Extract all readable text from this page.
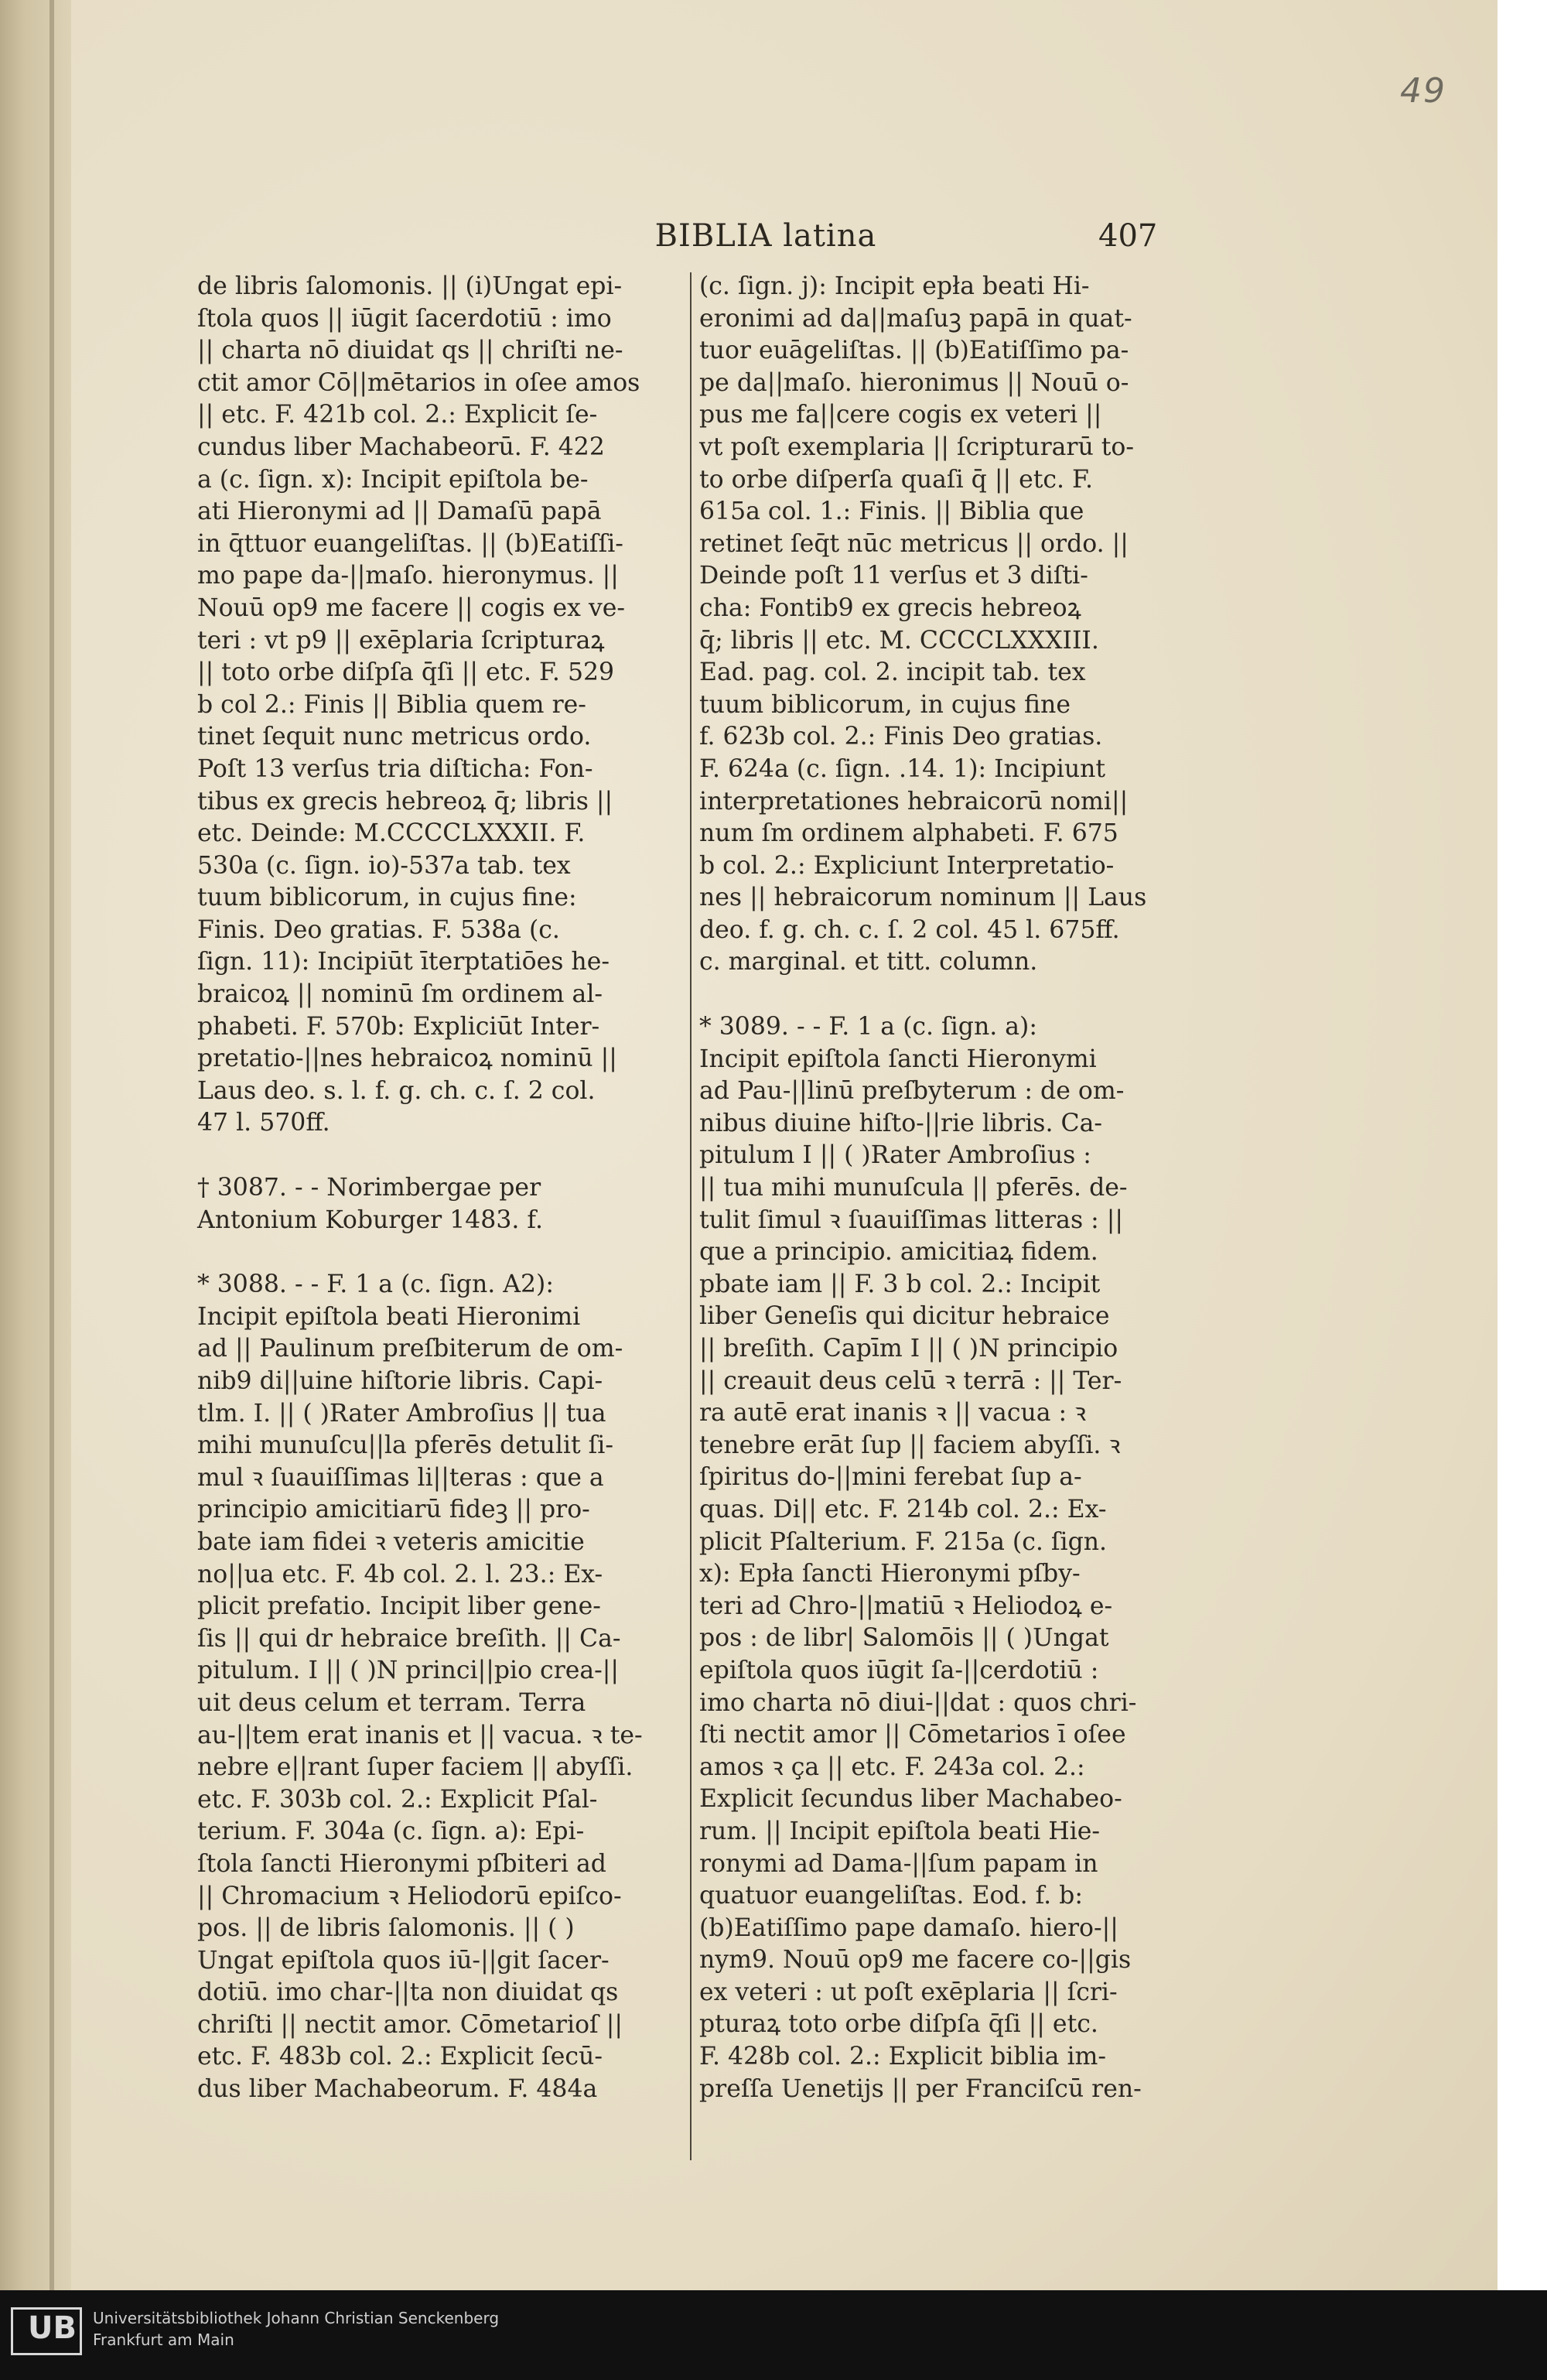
49
BIBLIA latina	407

de libris ſalomonis. || (i)Ungat epi-

ſtola quos || iūgit ſacerdotiū : imo

|| charta nō diuidat qs || chriſti ne-

ctit amor Cō||mētarios in oſee amos

|| etc. F. 421b col. 2.: Explicit ſe-

cundus liber Machabeorū. F. 422

a (c. ſign. x): Incipit epiſtola be-

ati Hieronymi ad || Damaſū papā

in q̄ttuor euangeliſtas. || (b)Eatiſſi-

mo pape da-||maſo. hieronymus. ||

Nouū op9 me facere || cogis ex ve-

teri : vt p9 || exēplaria ſcripturaꝝ

|| toto orbe diſpſa q̄ſi || etc. F. 529

b col 2.: Finis || Biblia quem re-

tinet ſequit nunc metricus ordo.

Poſt 13 verſus tria diſticha: Fon-

tibus ex grecis hebreoꝝ q̄; libris ||

etc. Deinde: M.CCCCLXXXII. F.

530a (c. ſign. io)-537a tab. tex

tuum biblicorum, in cujus fine:

Finis. Deo gratias. F. 538a (c.

ſign. 11): Incipiūt īterptatiōes he-

braicoꝝ || nominū ſm ordinem al-

phabeti. F. 570b: Expliciūt Inter-

pretatio-||nes hebraicoꝝ nominū ||

Laus deo. s. l. f. g. ch. c. ſ. 2 col.

47 l. 570ff.

† 3087. - - Norimbergae per

Antonium Koburger 1483. f.

* 3088. - - F. 1 a (c. ſign. A2):

Incipit epiſtola beati Hieronimi

ad || Paulinum preſbiterum de om-

nib9 di||uine hiſtorie libris. Capi-

tlm. I. || ( )Rater Ambroſius || tua

mihi munuſcu||la pferēs detulit ſi-

mul ꝛ ſuauiſſimas li||teras : que a

principio amicitiarū fideꝫ || pro-

bate iam fidei ꝛ veteris amicitie

no||ua etc. F. 4b col. 2. l. 23.: Ex-

plicit prefatio. Incipit liber gene-

ſis || qui dr hebraice breſith. || Ca-

pitulum. I || ( )N princi||pio crea-||

uit deus celum et terram. Terra

au-||tem erat inanis et || vacua. ꝛ te-

nebre e||rant ſuper faciem || abyſſi.

etc. F. 303b col. 2.: Explicit Pſal-

terium. F. 304a (c. ſign. a): Epi-

ſtola ſancti Hieronymi pſbiteri ad

|| Chromacium ꝛ Heliodorū epiſco-

pos. || de libris ſalomonis. || ( )

Ungat epiſtola quos iū-||git ſacer-

dotiū. imo char-||ta non diuidat qs

chriſti || nectit amor. Cōmetarioſ ||

etc. F. 483b col. 2.: Explicit ſecū-

dus liber Machabeorum. F. 484a

(c. ſign. j): Incipit epła beati Hi-

eronimi ad da||maſuꝫ papā in quat-

tuor euāgeliſtas. || (b)Eatiſſimo pa-

pe da||maſo. hieronimus || Nouū o-

pus me fa||cere cogis ex veteri ||

vt poſt exemplaria || ſcripturarū to-

to orbe diſperſa quaſi q̄ || etc. F.

615a col. 1.: Finis. || Biblia que

retinet ſeq̄t nūc metricus || ordo. ||

Deinde poſt 11 verſus et 3 diſti-

cha: Fontib9 ex grecis hebreoꝝ

q̄; libris || etc. M. CCCCLXXXIII.

Ead. pag. col. 2. incipit tab. tex

tuum biblicorum, in cujus fine

f. 623b col. 2.: Finis Deo gratias.

F. 624a (c. ſign. .14. 1): Incipiunt

interpretationes hebraicorū nomi||

num ſm ordinem alphabeti. F. 675

b col. 2.: Expliciunt Interpretatio-

nes || hebraicorum nominum || Laus

deo. f. g. ch. c. ſ. 2 col. 45 l. 675ff.

c. marginal. et titt. column.

* 3089. - - F. 1 a (c. ſign. a):

Incipit epiſtola ſancti Hieronymi

ad Pau-||linū preſbyterum : de om-

nibus diuine hiſto-||rie libris. Ca-

pitulum I || ( )Rater Ambroſius :

|| tua mihi munuſcula || pferēs. de-

tulit ſimul ꝛ ſuauiſſimas litteras : ||

que a principio. amicitiaꝝ fidem.

pbate iam || F. 3 b col. 2.: Incipit

liber Geneſis qui dicitur hebraice

|| breſith. Capīm I || ( )N principio

|| creauit deus celū ꝛ terrā : || Ter-

ra autē erat inanis ꝛ || vacua : ꝛ

tenebre erāt ſup || faciem abyſſi. ꝛ

ſpiritus do-||mini ferebat ſup a-

quas. Di|| etc. F. 214b col. 2.: Ex-

plicit Pſalterium. F. 215a (c. ſign.

x): Epła ſancti Hieronymi pſby-

teri ad Chro-||matiū ꝛ Heliodoꝝ e-

pos : de libr| Salomōis || ( )Ungat

epiſtola quos iūgit ſa-||cerdotiū :

imo charta nō diui-||dat : quos chri-

ſti nectit amor || Cōmetarios ī oſee

amos ꝛ ça || etc. F. 243a col. 2.:

Explicit ſecundus liber Machabeo-

rum. || Incipit epiſtola beati Hie-

ronymi ad Dama-||ſum papam in

quatuor euangeliſtas. Eod. f. b:

(b)Eatiſſimo pape damaſo. hiero-||

nym9. Nouū op9 me facere co-||gis

ex veteri : ut poſt exēplaria || ſcri-

pturaꝝ toto orbe diſpſa q̄ſi || etc.

F. 428b col. 2.: Explicit biblia im-

preſſa Uenetijs || per Franciſcū ren-

UB Universitätsbibliothek Johann Christian Senckenberg
Frankfurt am Main
